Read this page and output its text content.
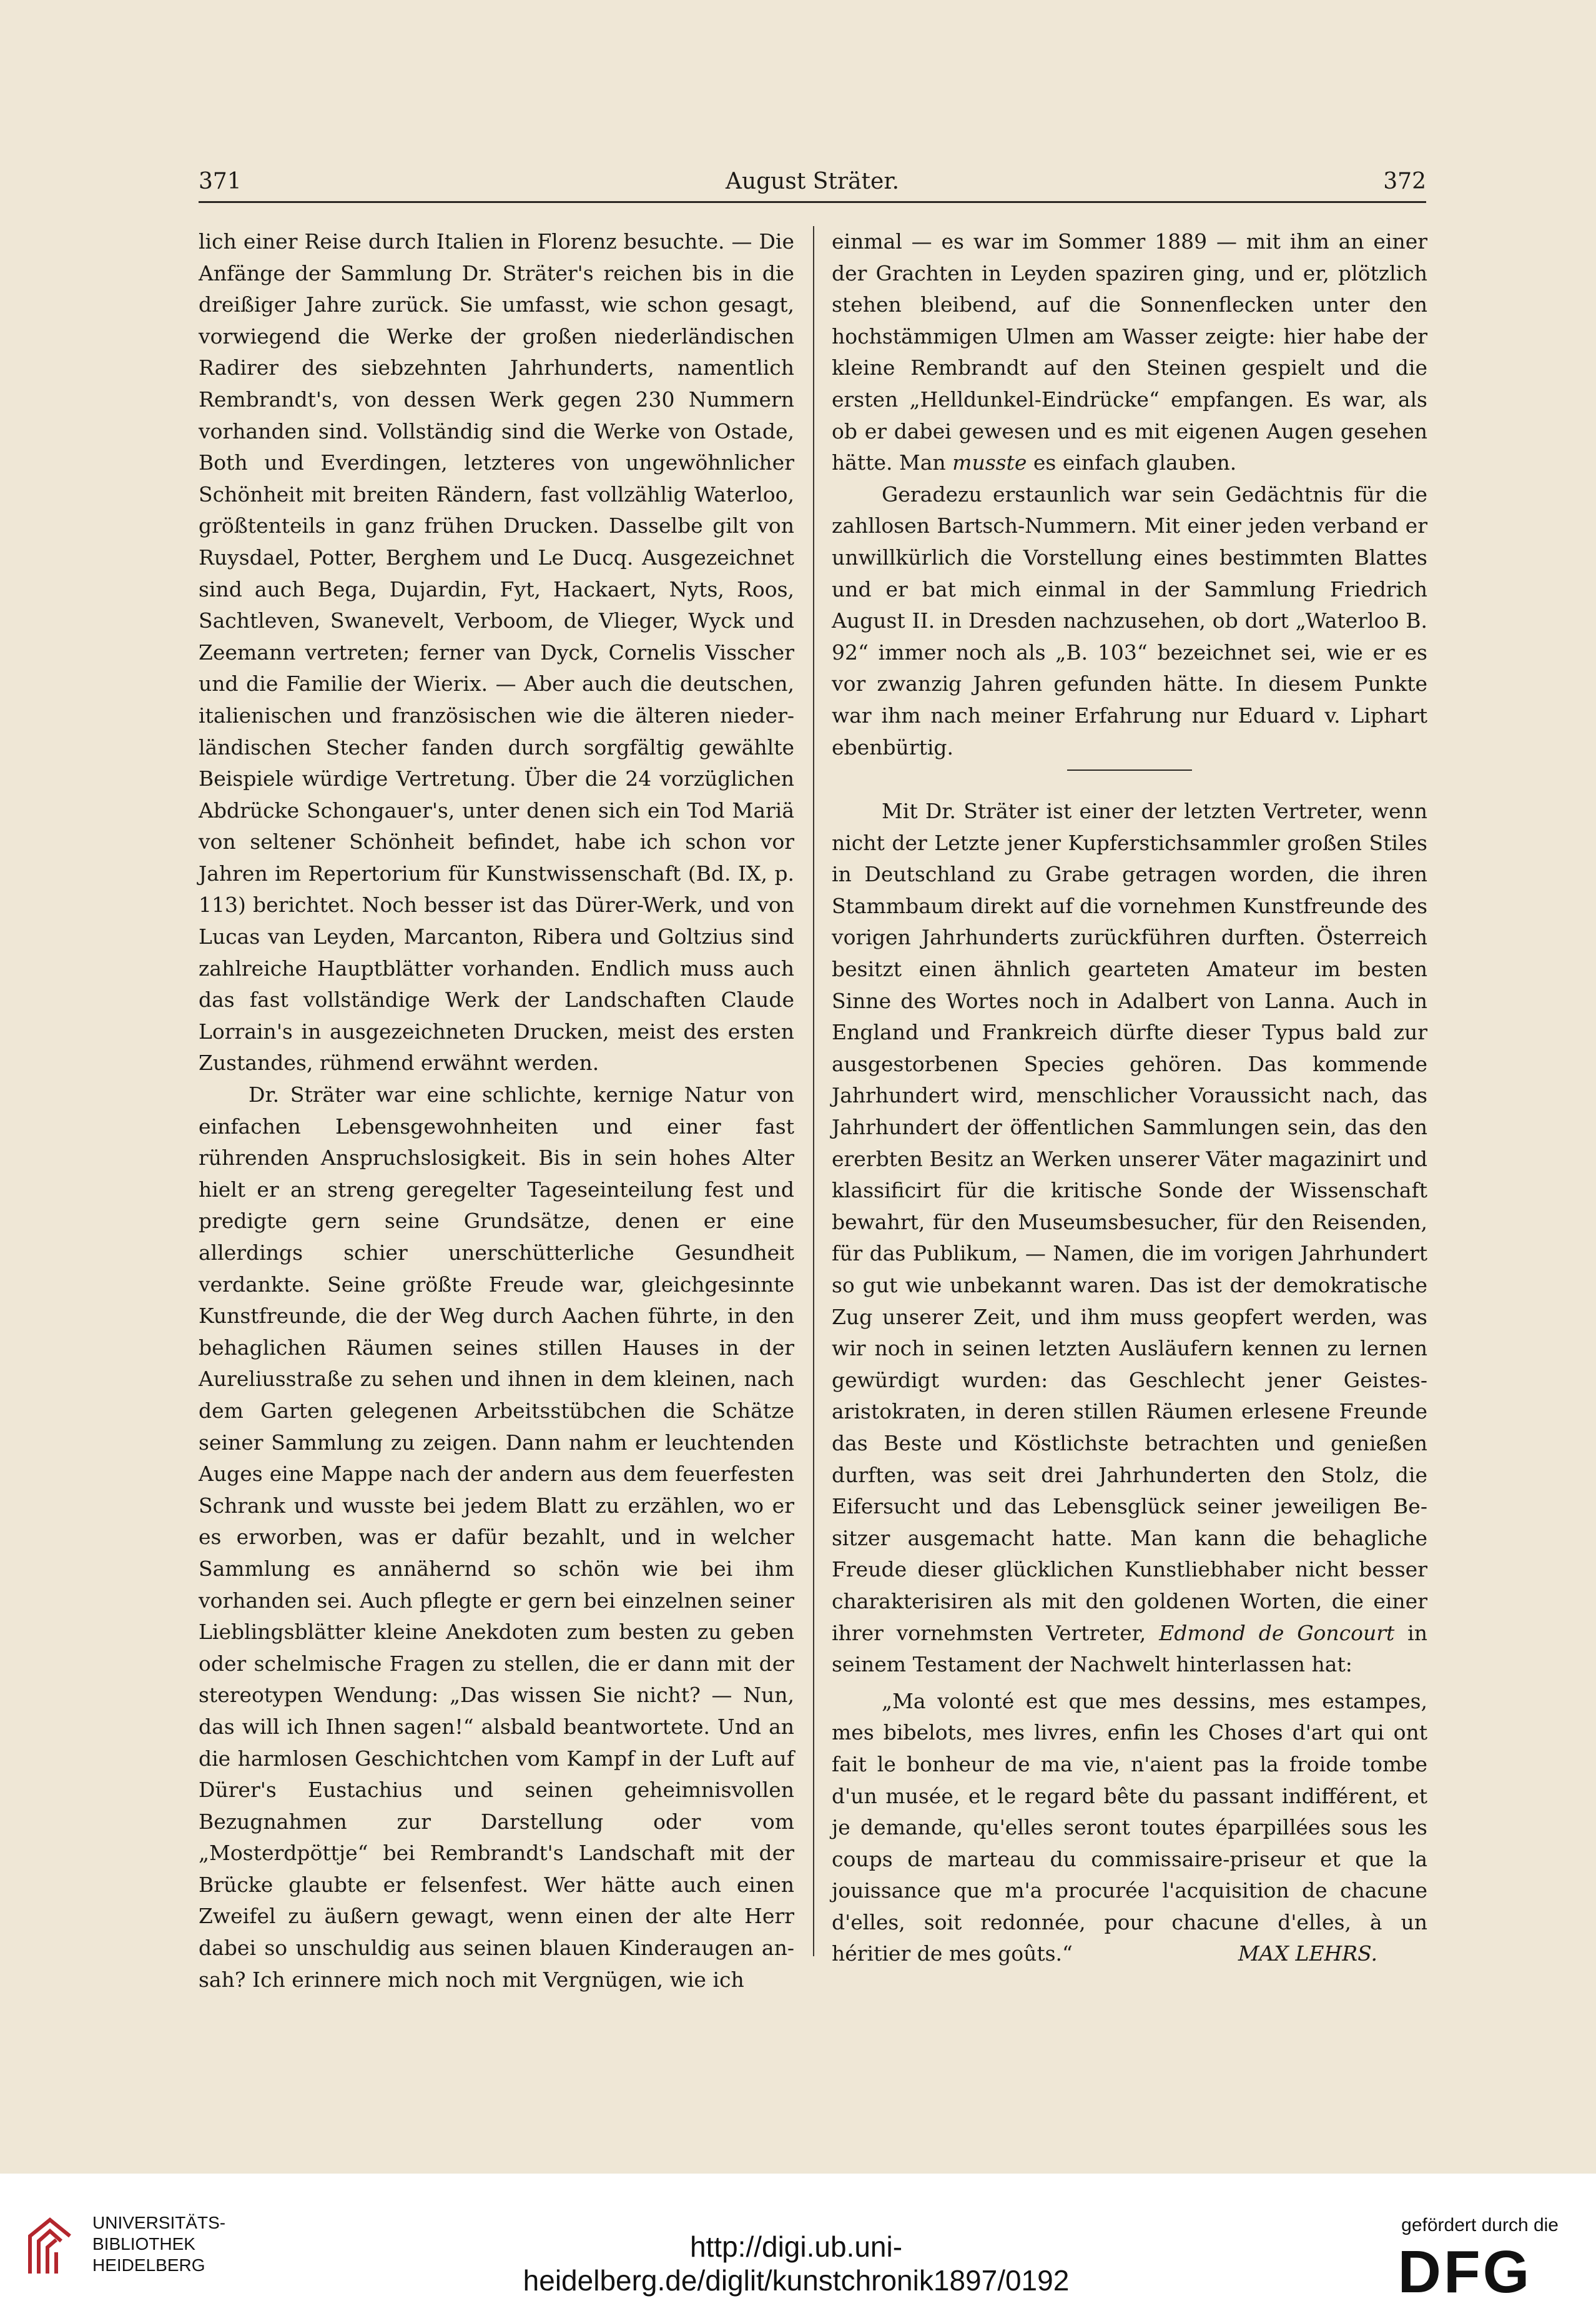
371	August Sträter.	372

lich einer Reise durch Italien in Florenz besuchte. — Die Anfänge der Sammlung Dr. Sträter's reichen bis in die dreißiger Jahre zurück. Sie umfasst, wie schon gesagt, vorwiegend die Werke der großen niederländischen Radirer des siebzehnten Jahrhunderts, namentlich Rembrandt's, von dessen Werk gegen 230 Nummern vorhanden sind. Vollständig sind die Werke von Ostade, Both und Everdingen, letzteres von ungewöhnlicher Schönheit mit breiten Rändern, fast vollzählig Waterloo, größtenteils in ganz frühen Drucken. Dasselbe gilt von Ruysdael, Potter, Berghem und Le Ducq. Ausgezeichnet sind auch Bega, Dujardin, Fyt, Hackaert, Nyts, Roos, Sachtleven, Swanevelt, Verboom, de Vlieger, Wyck und Zeemann vertreten; ferner van Dyck, Cornelis Visscher und die Familie der Wierix. — Aber auch die deutschen, italienischen und französischen wie die älteren niederländischen Stecher fanden durch sorgfältig gewählte Beispiele würdige Vertretung. Über die 24 vorzüglichen Abdrücke Schongauer's, unter denen sich ein Tod Mariä von seltener Schönheit befindet, habe ich schon vor Jahren im Repertorium für Kunstwissenschaft (Bd. IX, p. 113) berichtet. Noch besser ist das Dürer-Werk, und von Lucas van Leyden, Marcanton, Ribera und Goltzius sind zahlreiche Hauptblätter vorhanden. Endlich muss auch das fast vollständige Werk der Landschaften Claude Lorrain's in ausgezeichneten Drucken, meist des ersten Zustandes, rühmend erwähnt werden.

Dr. Sträter war eine schlichte, kernige Natur von einfachen Lebensgewohnheiten und einer fast rührenden Anspruchslosigkeit. Bis in sein hohes Alter hielt er an streng geregelter Tageseinteilung fest und predigte gern seine Grundsätze, denen er eine allerdings schier unerschütterliche Gesundheit verdankte. Seine größte Freude war, gleichgesinnte Kunstfreunde, die der Weg durch Aachen führte, in den behaglichen Räumen seines stillen Hauses in der Aureliusstraße zu sehen und ihnen in dem kleinen, nach dem Garten gelegenen Arbeitsstübchen die Schätze seiner Sammlung zu zeigen. Dann nahm er leuchtenden Auges eine Mappe nach der andern aus dem feuerfesten Schrank und wusste bei jedem Blatt zu erzählen, wo er es erworben, was er dafür bezahlt, und in welcher Sammlung es annähernd so schön wie bei ihm vorhanden sei. Auch pflegte er gern bei einzelnen seiner Lieblingsblätter kleine Anekdoten zum besten zu geben oder schelmische Fragen zu stellen, die er dann mit der stereotypen Wendung: „Das wissen Sie nicht? — Nun, das will ich Ihnen sagen!“ alsbald beantwortete. Und an die harmlosen Geschichtchen vom Kampf in der Luft auf Dürer's Eustachius und seinen geheimnisvollen Bezugnahmen zur Darstellung oder vom „Mosterdpöttje“ bei Rembrandt's Landschaft mit der Brücke glaubte er felsenfest. Wer hätte auch einen Zweifel zu äußern gewagt, wenn einen der alte Herr dabei so unschuldig aus seinen blauen Kinderaugen ansah? Ich erinnere mich noch mit Vergnügen, wie ich

einmal — es war im Sommer 1889 — mit ihm an einer der Grachten in Leyden spaziren ging, und er, plötzlich stehen bleibend, auf die Sonnenflecken unter den hochstämmigen Ulmen am Wasser zeigte: hier habe der kleine Rembrandt auf den Steinen gespielt und die ersten „Helldunkel-Eindrücke“ empfangen. Es war, als ob er dabei gewesen und es mit eigenen Augen gesehen hätte. Man musste es einfach glauben.

Geradezu erstaunlich war sein Gedächtnis für die zahllosen Bartsch-Nummern. Mit einer jeden verband er unwillkürlich die Vorstellung eines bestimmten Blattes und er bat mich einmal in der Sammlung Friedrich August II. in Dresden nachzusehen, ob dort „Waterloo B. 92“ immer noch als „B. 103“ bezeichnet sei, wie er es vor zwanzig Jahren gefunden hätte. In diesem Punkte war ihm nach meiner Erfahrung nur Eduard v. Liphart ebenbürtig.

Mit Dr. Sträter ist einer der letzten Vertreter, wenn nicht der Letzte jener Kupferstichsammler großen Stiles in Deutschland zu Grabe getragen worden, die ihren Stammbaum direkt auf die vornehmen Kunstfreunde des vorigen Jahrhunderts zurückführen durften. Österreich besitzt einen ähnlich gearteten Amateur im besten Sinne des Wortes noch in Adalbert von Lanna. Auch in England und Frankreich dürfte dieser Typus bald zur ausgestorbenen Species gehören. Das kommende Jahrhundert wird, menschlicher Voraussicht nach, das Jahrhundert der öffentlichen Sammlungen sein, das den ererbten Besitz an Werken unserer Väter magazinirt und klassificirt für die kritische Sonde der Wissenschaft bewahrt, für den Museumsbesucher, für den Reisenden, für das Publikum, — Namen, die im vorigen Jahrhundert so gut wie unbekannt waren. Das ist der demokratische Zug unserer Zeit, und ihm muss geopfert werden, was wir noch in seinen letzten Ausläufern kennen zu lernen gewürdigt wurden: das Geschlecht jener Geistesaristokraten, in deren stillen Räumen erlesene Freunde das Beste und Köstlichste betrachten und genießen durften, was seit drei Jahrhunderten den Stolz, die Eifersucht und das Lebensglück seiner jeweiligen Besitzer ausgemacht hatte. Man kann die behagliche Freude dieser glücklichen Kunstliebhaber nicht besser charakterisiren als mit den goldenen Worten, die einer ihrer vornehmsten Vertreter, Edmond de Goncourt in seinem Testament der Nachwelt hinterlassen hat:

„Ma volonté est que mes dessins, mes estampes, mes bibelots, mes livres, enfin les Choses d'art qui ont fait le bonheur de ma vie, n'aient pas la froide tombe d'un musée, et le regard bête du passant indifférent, et je demande, qu'elles seront toutes éparpillées sous les coups de marteau du commissaire-priseur et que la jouissance que m'a procurée l'acquisition de chacune d'elles, soit redonnée, pour chacune d'elles, à un héritier de mes goûts.“	MAX LEHRS.

UNIVERSITÄTS-
BIBLIOTHEK
HEIDELBERG
http://digi.ub.uni-heidelberg.de/diglit/kunstchronik1897/0192
gefördert durch die
DFG
